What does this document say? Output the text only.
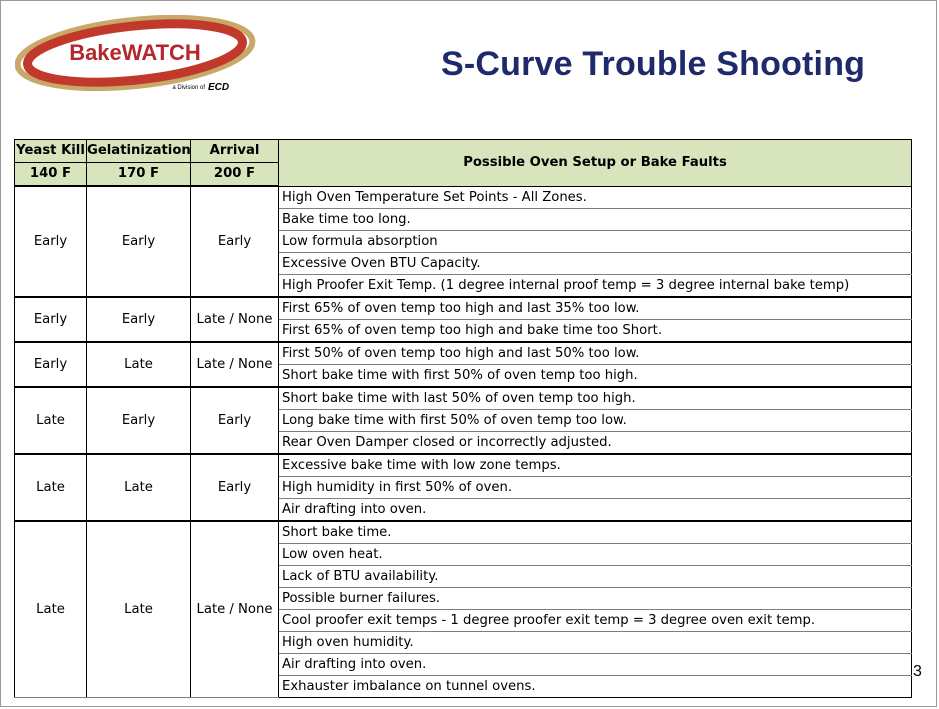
BakeWATCH
a Division of ECD
S-Curve Trouble Shooting
Yeast Kill	Gelatinization	Arrival	Possible Oven Setup or Bake Faults
140 F	170 F	200 F	
Early	Early	Early	High Oven Temperature Set Points - All Zones.
			Bake time too long.
			Low formula absorption
			Excessive Oven BTU Capacity.
			High Proofer Exit Temp. (1 degree internal proof temp = 3 degree internal bake temp)
Early	Early	Late / None	First 65% of oven temp too high and last 35% too low.
			First 65% of oven temp too high and bake time too Short.
Early	Late	Late / None	First 50% of oven temp too high and last 50% too low.
			Short bake time with first 50% of oven temp too high.
Late	Early	Early	Short bake time with last 50% of oven temp too high.
			Long bake time with first 50% of oven temp too low.
			Rear Oven Damper closed or incorrectly adjusted.
Late	Late	Early	Excessive bake time with low zone temps.
			High humidity in first 50% of oven.
			Air drafting into oven.
Late	Late	Late / None	Short bake time.
			Low oven heat.
			Lack of BTU availability.
			Possible burner failures.
			Cool proofer exit temps - 1 degree proofer exit temp = 3 degree oven exit temp.
			High oven humidity.
			Air drafting into oven.
			Exhauster imbalance on tunnel ovens.
3
